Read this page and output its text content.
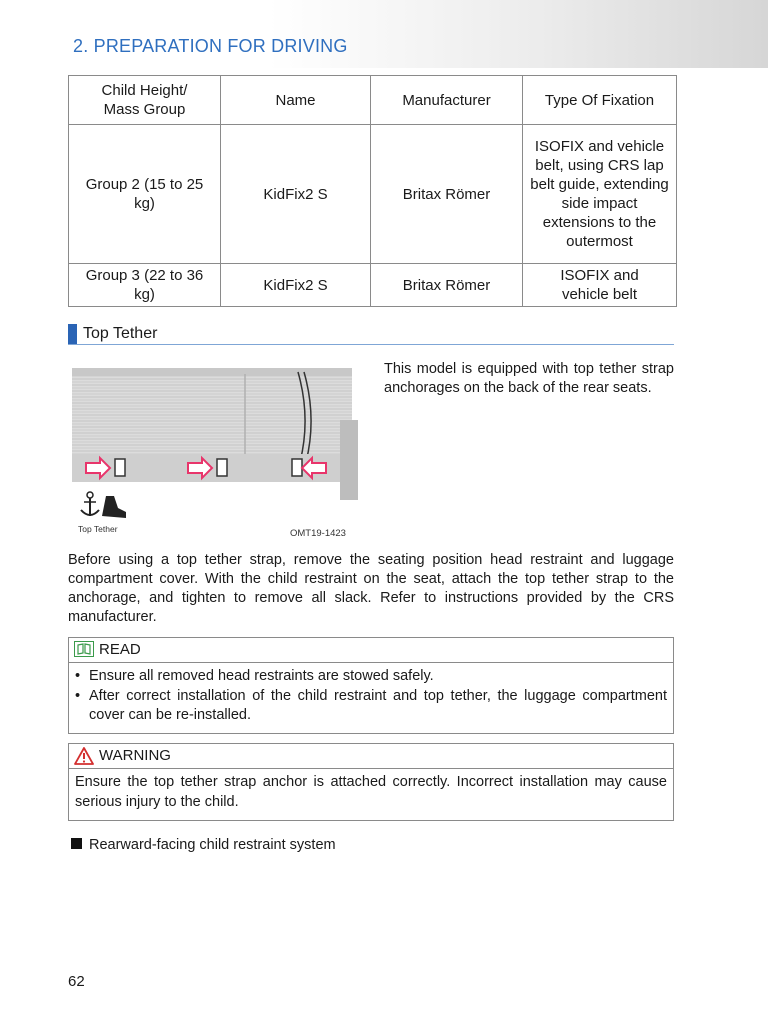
2. PREPARATION FOR DRIVING
Child Height/ Mass Group	Name	Manufacturer	Type Of Fixation
Group 2 (15 to 25 kg)	KidFix2 S	Britax Römer	ISOFIX and vehicle belt, using CRS lap belt guide, extending side impact extensions to the outermost
Group 3 (22 to 36 kg)	KidFix2 S	Britax Römer	ISOFIX and vehicle belt
Top Tether
Top Tether	OMT19-1423
This model is equipped with top tether strap anchorages on the back of the rear seats.
Before using a top tether strap, remove the seating position head restraint and luggage compartment cover. With the child restraint on the seat, attach the top tether strap to the anchorage, and tighten to remove all slack. Refer to instructions provided by the CRS manufacturer.
READ
• Ensure all removed head restraints are stowed safely.
• After correct installation of the child restraint and top tether, the luggage compartment cover can be re-installed.
WARNING
Ensure the top tether strap anchor is attached correctly. Incorrect installation may cause serious injury to the child.
Rearward-facing child restraint system
62
